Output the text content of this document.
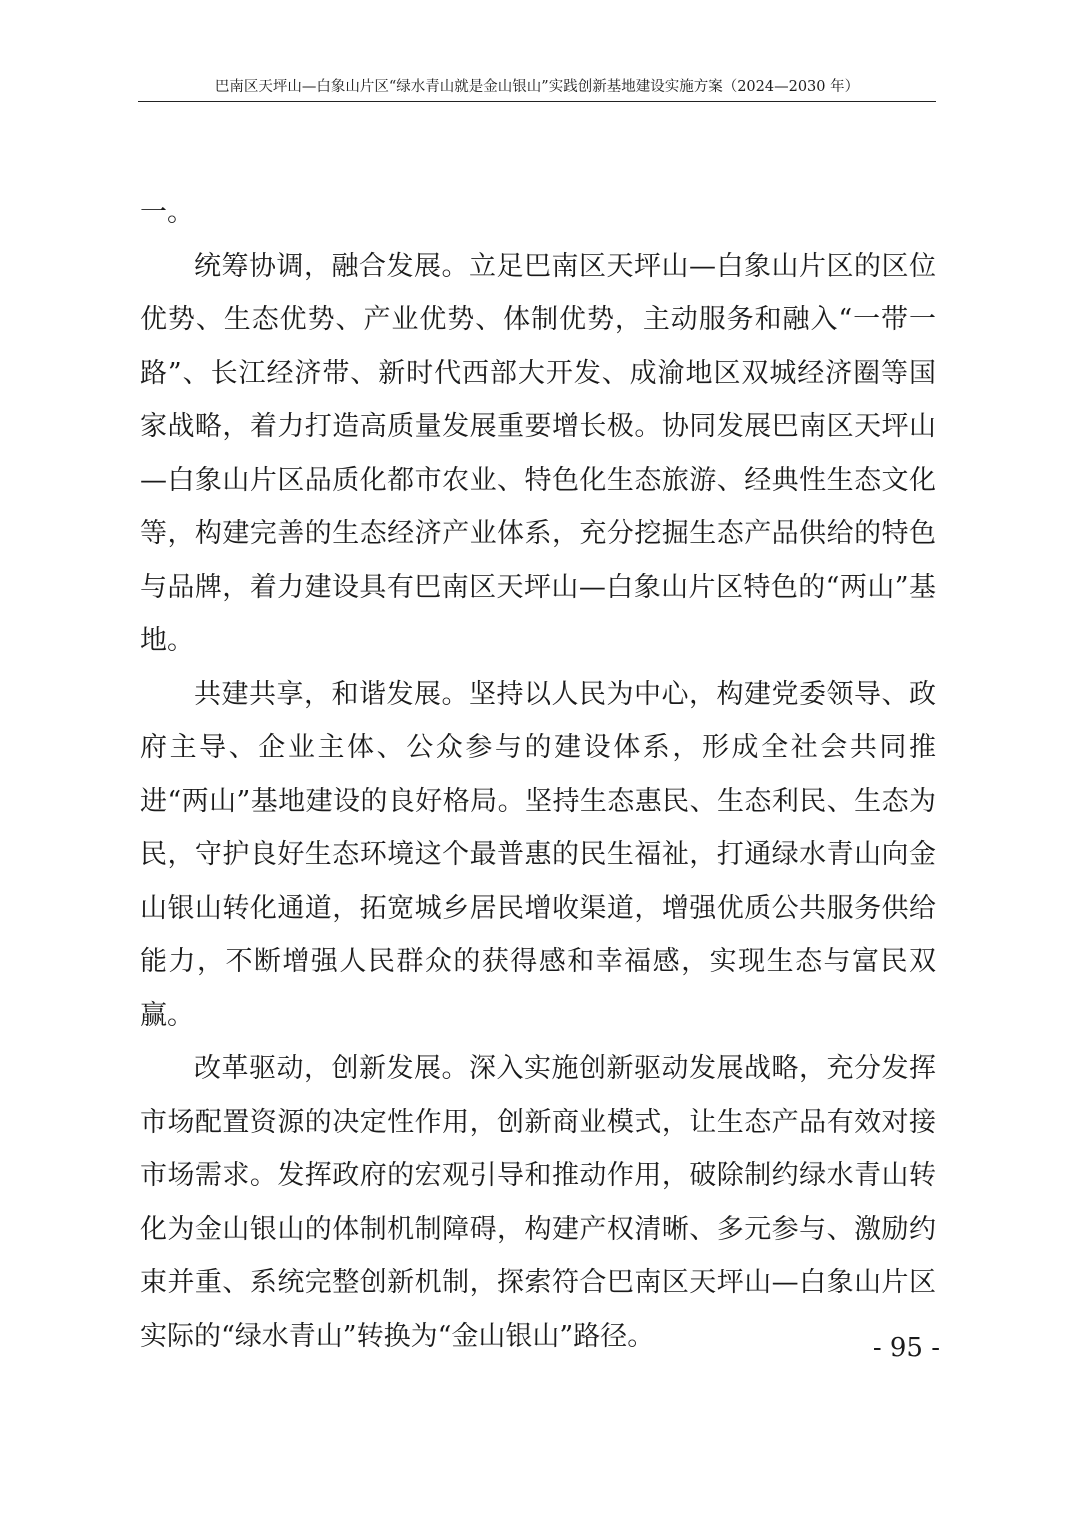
巴南区天坪山—白象山片区“绿水青山就是金山银山”实践创新基地建设实施方案（2024—2030 年）

一。

统筹协调，融合发展。立足巴南区天坪山—白象山片区的区位优势、生态优势、产业优势、体制优势，主动服务和融入“一带一路”、长江经济带、新时代西部大开发、成渝地区双城经济圈等国家战略，着力打造高质量发展重要增长极。协同发展巴南区天坪山—白象山片区品质化都市农业、特色化生态旅游、经典性生态文化等，构建完善的生态经济产业体系，充分挖掘生态产品供给的特色与品牌，着力建设具有巴南区天坪山—白象山片区特色的“两山”基地。

共建共享，和谐发展。坚持以人民为中心，构建党委领导、政府主导、企业主体、公众参与的建设体系，形成全社会共同推进“两山”基地建设的良好格局。坚持生态惠民、生态利民、生态为民，守护良好生态环境这个最普惠的民生福祉，打通绿水青山向金山银山转化通道，拓宽城乡居民增收渠道，增强优质公共服务供给能力，不断增强人民群众的获得感和幸福感，实现生态与富民双赢。

改革驱动，创新发展。深入实施创新驱动发展战略，充分发挥市场配置资源的决定性作用，创新商业模式，让生态产品有效对接市场需求。发挥政府的宏观引导和推动作用，破除制约绿水青山转化为金山银山的体制机制障碍，构建产权清晰、多元参与、激励约束并重、系统完整创新机制，探索符合巴南区天坪山—白象山片区实际的“绿水青山”转换为“金山银山”路径。	- 95 -
